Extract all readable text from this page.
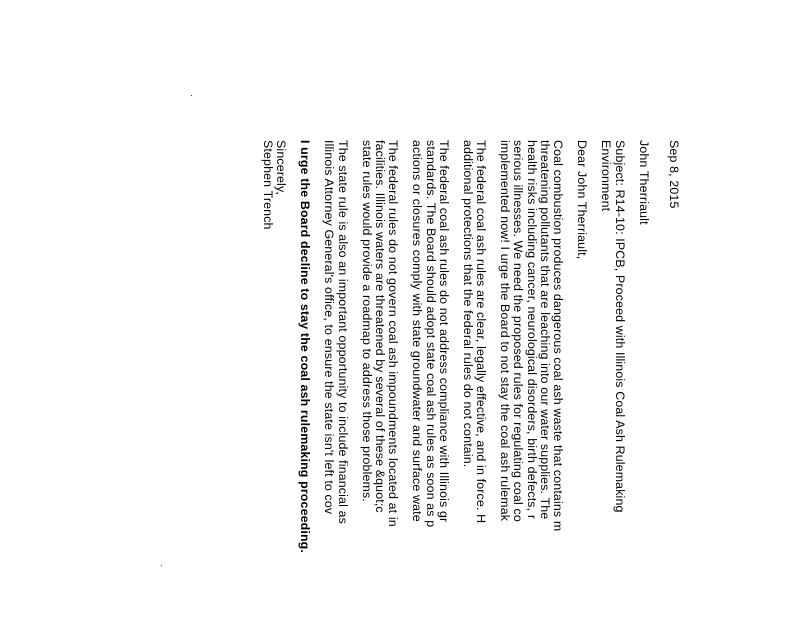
Sep 8, 2015
John Therriault
Subject: R14-10: IPCB, Proceed with Illinois Coal Ash Rulemaking
Environment
Dear John Therriault,
Coal combustion produces dangerous coal ash waste that contains m
threatening pollutants that are leaching into our water supplies. The
health risks including cancer, neurological disorders, birth defects, r
serious illnesses. We need the proposed rules for regulating coal co
implemented now! I urge the Board to not stay the coal ash rulemak
The federal coal ash rules are clear, legally effective, and in force. H
additional protections that the federal rules do not contain.
The federal coal ash rules do not address compliance with Illinois gr
standards. The Board should adopt state coal ash rules as soon as p
actions or closures comply with state groundwater and surface wate
The federal rules do not govern coal ash impoundments located at in
facilities. Illinois waters are threatened by several of these &quot;c
state rules would provide a roadmap to address those problems.
The state rule is also an important opportunity to include financial as
Illinois Attorney General's office, to ensure the state isn't left to cov
I urge the Board decline to stay the coal ash rulemaking proceeding.
Sincerely,
Stephen Trench
